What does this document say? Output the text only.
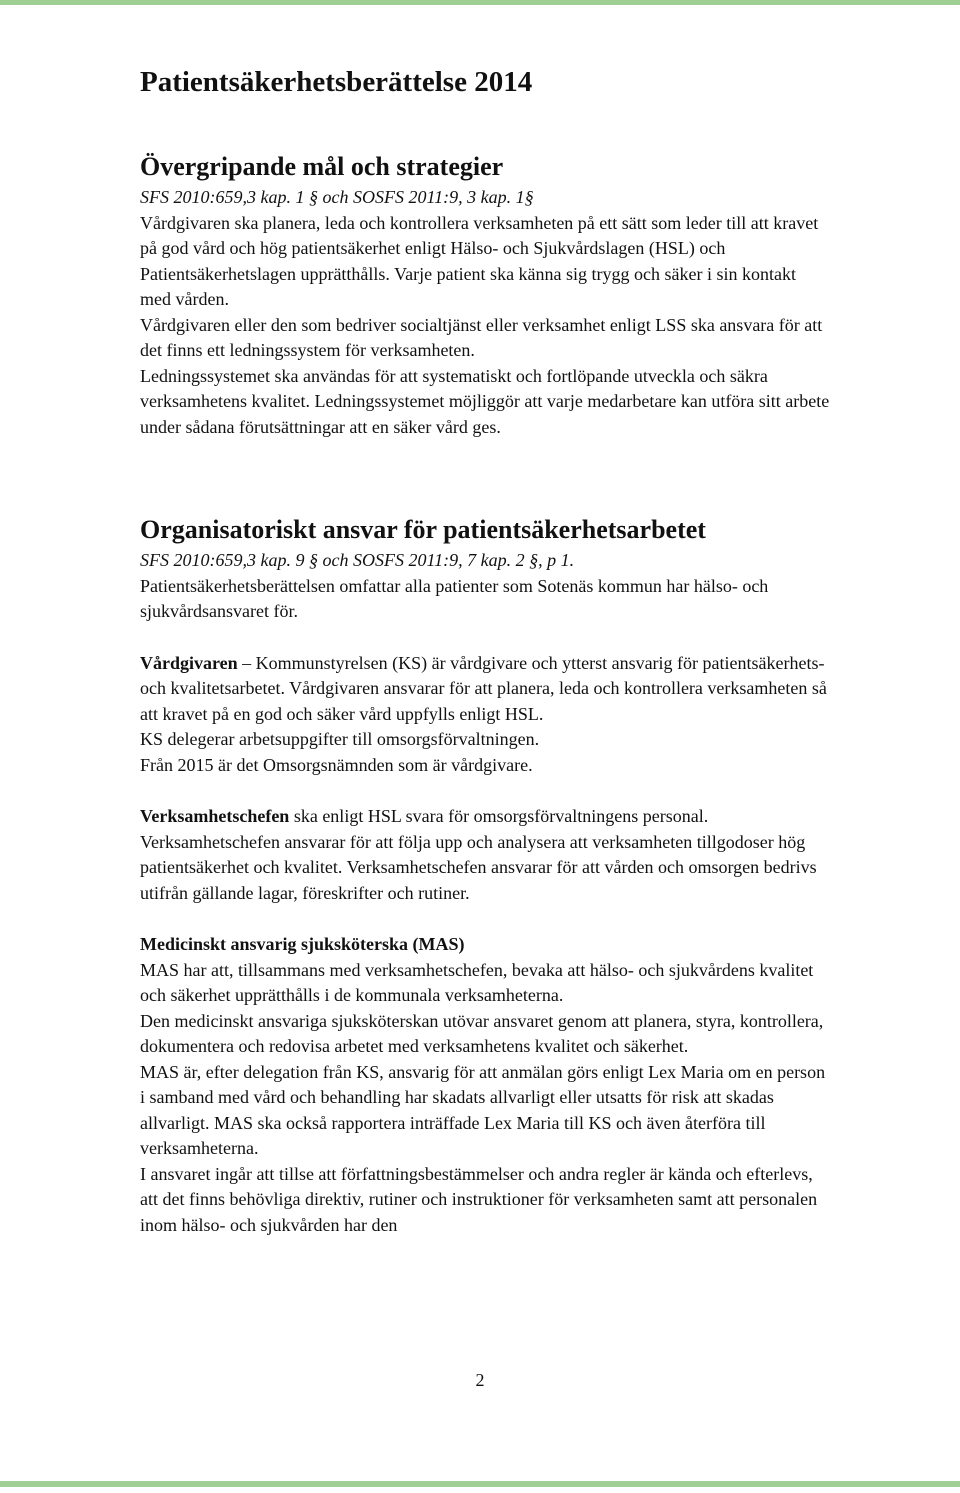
Patientsäkerhetsberättelse 2014
Övergripande mål och strategier

SFS 2010:659,3 kap. 1 § och SOSFS 2011:9, 3 kap. 1§

Vårdgivaren ska planera, leda och kontrollera verksamheten på ett sätt som leder till att kravet på god vård och hög patientsäkerhet enligt Hälso- och Sjukvårdslagen (HSL) och Patientsäkerhetslagen upprätthålls. Varje patient ska känna sig trygg och säker i sin kontakt med vården.

Vårdgivaren eller den som bedriver socialtjänst eller verksamhet enligt LSS ska ansvara för att det finns ett ledningssystem för verksamheten.

Ledningssystemet ska användas för att systematiskt och fortlöpande utveckla och säkra verksamhetens kvalitet. Ledningssystemet möjliggör att varje medarbetare kan utföra sitt arbete under sådana förutsättningar att en säker vård ges.

Organisatoriskt ansvar för patientsäkerhetsarbetet

SFS 2010:659,3 kap. 9 § och SOSFS 2011:9, 7 kap. 2 §, p 1.

Patientsäkerhetsberättelsen omfattar alla patienter som Sotenäs kommun har hälso- och sjukvårdsansvaret för.

Vårdgivaren – Kommunstyrelsen (KS) är vårdgivare och ytterst ansvarig för patientsäkerhets- och kvalitetsarbetet. Vårdgivaren ansvarar för att planera, leda och kontrollera verksamheten så att kravet på en god och säker vård uppfylls enligt HSL.

KS delegerar arbetsuppgifter till omsorgsförvaltningen.

Från 2015 är det Omsorgsnämnden som är vårdgivare.

Verksamhetschefen ska enligt HSL svara för omsorgsförvaltningens personal. Verksamhetschefen ansvarar för att följa upp och analysera att verksamheten tillgodoser hög patientsäkerhet och kvalitet. Verksamhetschefen ansvarar för att vården och omsorgen bedrivs utifrån gällande lagar, föreskrifter och rutiner.

Medicinskt ansvarig sjuksköterska (MAS)

MAS har att, tillsammans med verksamhetschefen, bevaka att hälso- och sjukvårdens kvalitet och säkerhet upprätthålls i de kommunala verksamheterna.

Den medicinskt ansvariga sjuksköterskan utövar ansvaret genom att planera, styra, kontrollera, dokumentera och redovisa arbetet med verksamhetens kvalitet och säkerhet.

MAS är, efter delegation från KS, ansvarig för att anmälan görs enligt Lex Maria om en person i samband med vård och behandling har skadats allvarligt eller utsatts för risk att skadas allvarligt. MAS ska också rapportera inträffade Lex Maria till KS och även återföra till verksamheterna.

I ansvaret ingår att tillse att författningsbestämmelser och andra regler är kända och efterlevs, att det finns behövliga direktiv, rutiner och instruktioner för verksamheten samt att personalen inom hälso- och sjukvården har den

2
